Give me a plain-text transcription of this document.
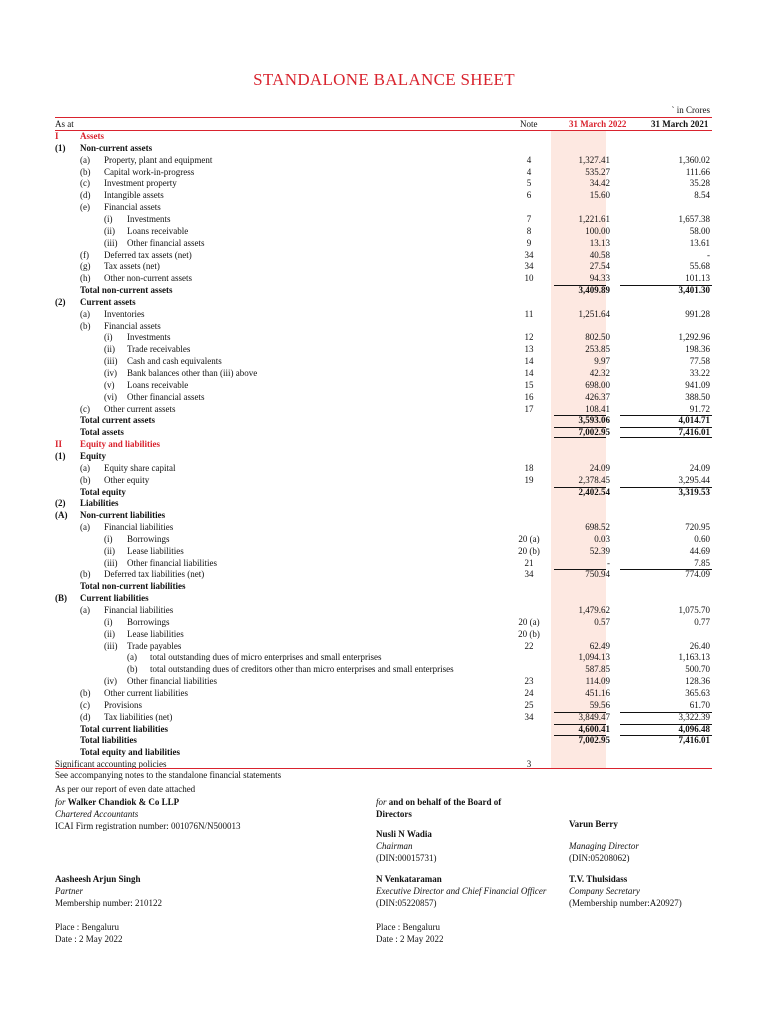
STANDALONE BALANCE SHEET
` in Crores
As at	Note	31 March 2022	31 March 2021
I Assets
(1) Non-current assets
(a) Property, plant and equipment	4	1,327.41	1,360.02
(b) Capital work-in-progress	4	535.27	111.66
(c) Investment property	5	34.42	35.28
(d) Intangible assets	6	15.60	8.54
(e) Financial assets
(i) Investments	7	1,221.61	1,657.38
(ii) Loans receivable	8	100.00	58.00
(iii) Other financial assets	9	13.13	13.61
(f) Deferred tax assets (net)	34	40.58	-
(g) Tax assets (net)	34	27.54	55.68
(h) Other non-current assets	10	94.33	101.13
Total non-current assets	3,409.89	3,401.30
(2) Current assets
(a) Inventories	11	1,251.64	991.28
(b) Financial assets
(i) Investments	12	802.50	1,292.96
(ii) Trade receivables	13	253.85	198.36
(iii) Cash and cash equivalents	14	9.97	77.58
(iv) Bank balances other than (iii) above	14	42.32	33.22
(v) Loans receivable	15	698.00	941.09
(vi) Other financial assets	16	426.37	388.50
(c) Other current assets	17	108.41	91.72
Total current assets	3,593.06	4,014.71
Total assets	7,002.95	7,416.01
II Equity and liabilities
(1) Equity
(a) Equity share capital	18	24.09	24.09
(b) Other equity	19	2,378.45	3,295.44
Total equity	2,402.54	3,319.53
(2) Liabilities
(A) Non-current liabilities
(a) Financial liabilities	698.52	720.95
(i) Borrowings	20 (a)	0.03	0.60
(ii) Lease liabilities	20 (b)	52.39	44.69
(iii) Other financial liabilities	21	-	7.85
(b) Deferred tax liabilities (net)	34	750.94	774.09
Total non-current liabilities
(B) Current liabilities
(a) Financial liabilities	1,479.62	1,075.70
(i) Borrowings	20 (a)	0.57	0.77
(ii) Lease liabilities	20 (b)
(iii) Trade payables	22	62.49	26.40
(a) total outstanding dues of micro enterprises and small enterprises	1,094.13	1,163.13
(b) total outstanding dues of creditors other than micro enterprises and small enterprises	587.85	500.70
(iv) Other financial liabilities	23	114.09	128.36
(b) Other current liabilities	24	451.16	365.63
(c) Provisions	25	59.56	61.70
(d) Tax liabilities (net)	34	3,849.47	3,322.39
Total current liabilities	4,600.41	4,096.48
Total liabilities	7,002.95	7,416.01
Total equity and liabilities
Significant accounting policies	3
See accompanying notes to the standalone financial statements
As per our report of even date attached
for Walker Chandiok & Co LLP
Chartered Accountants
ICAI Firm registration number: 001076N/N500013
Aasheesh Arjun Singh
Partner
Membership number: 210122
Place : Bengaluru
Date : 2 May 2022
for and on behalf of the Board of
Directors
Nusli N Wadia
Chairman
(DIN:00015731)
Varun Berry
Managing Director
(DIN:05208062)
N Venkataraman
Executive Director and Chief Financial Officer
(DIN:05220857)
Place : Bengaluru
Date : 2 May 2022
T.V. Thulsidass
Company Secretary
(Membership number:A20927)
